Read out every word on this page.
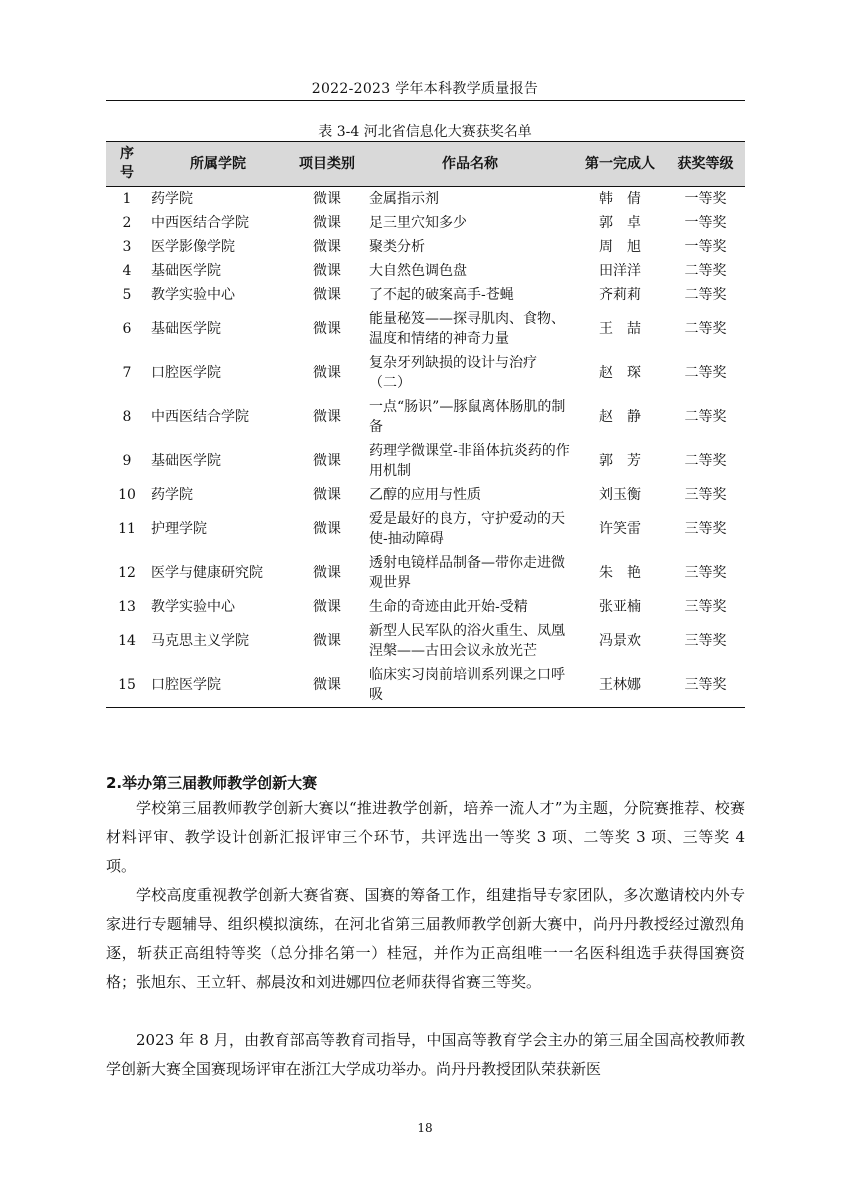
2022-2023 学年本科教学质量报告
表 3-4 河北省信息化大赛获奖名单
序号	所属学院	项目类别	作品名称	第一完成人	获奖等级
1	药学院	微课	金属指示剂	韩　倩	一等奖
2	中西医结合学院	微课	足三里穴知多少	郭　卓	一等奖
3	医学影像学院	微课	聚类分析	周　旭	一等奖
4	基础医学院	微课	大自然色调色盘	田洋洋	二等奖
5	教学实验中心	微课	了不起的破案高手-苍蝇	齐莉莉	二等奖
6	基础医学院	微课	能量秘笈——探寻肌肉、食物、温度和情绪的神奇力量	王　喆	二等奖
7	口腔医学院	微课	复杂牙列缺损的设计与治疗（二）	赵　琛	二等奖
8	中西医结合学院	微课	一点“肠识”—豚鼠离体肠肌的制备	赵　静	二等奖
9	基础医学院	微课	药理学微课堂-非甾体抗炎药的作用机制	郭　芳	二等奖
10	药学院	微课	乙醇的应用与性质	刘玉衡	三等奖
11	护理学院	微课	爱是最好的良方，守护爱动的天使-抽动障碍	许笑雷	三等奖
12	医学与健康研究院	微课	透射电镜样品制备—带你走进微观世界	朱　艳	三等奖
13	教学实验中心	微课	生命的奇迹由此开始-受精	张亚楠	三等奖
14	马克思主义学院	微课	新型人民军队的浴火重生、凤凰涅槃——古田会议永放光芒	冯景欢	三等奖
15	口腔医学院	微课	临床实习岗前培训系列课之口呼吸	王林娜	三等奖
2.举办第三届教师教学创新大赛

学校第三届教师教学创新大赛以“推进教学创新，培养一流人才”为主题，分院赛推荐、校赛材料评审、教学设计创新汇报评审三个环节，共评选出一等奖 3 项、二等奖 3 项、三等奖 4 项。

学校高度重视教学创新大赛省赛、国赛的筹备工作，组建指导专家团队，多次邀请校内外专家进行专题辅导、组织模拟演练，在河北省第三届教师教学创新大赛中，尚丹丹教授经过激烈角逐，斩获正高组特等奖（总分排名第一）桂冠，并作为正高组唯一一名医科组选手获得国赛资格；张旭东、王立轩、郝晨汝和刘进娜四位老师获得省赛三等奖。

2023 年 8 月，由教育部高等教育司指导，中国高等教育学会主办的第三届全国高校教师教学创新大赛全国赛现场评审在浙江大学成功举办。尚丹丹教授团队荣获新医

18
